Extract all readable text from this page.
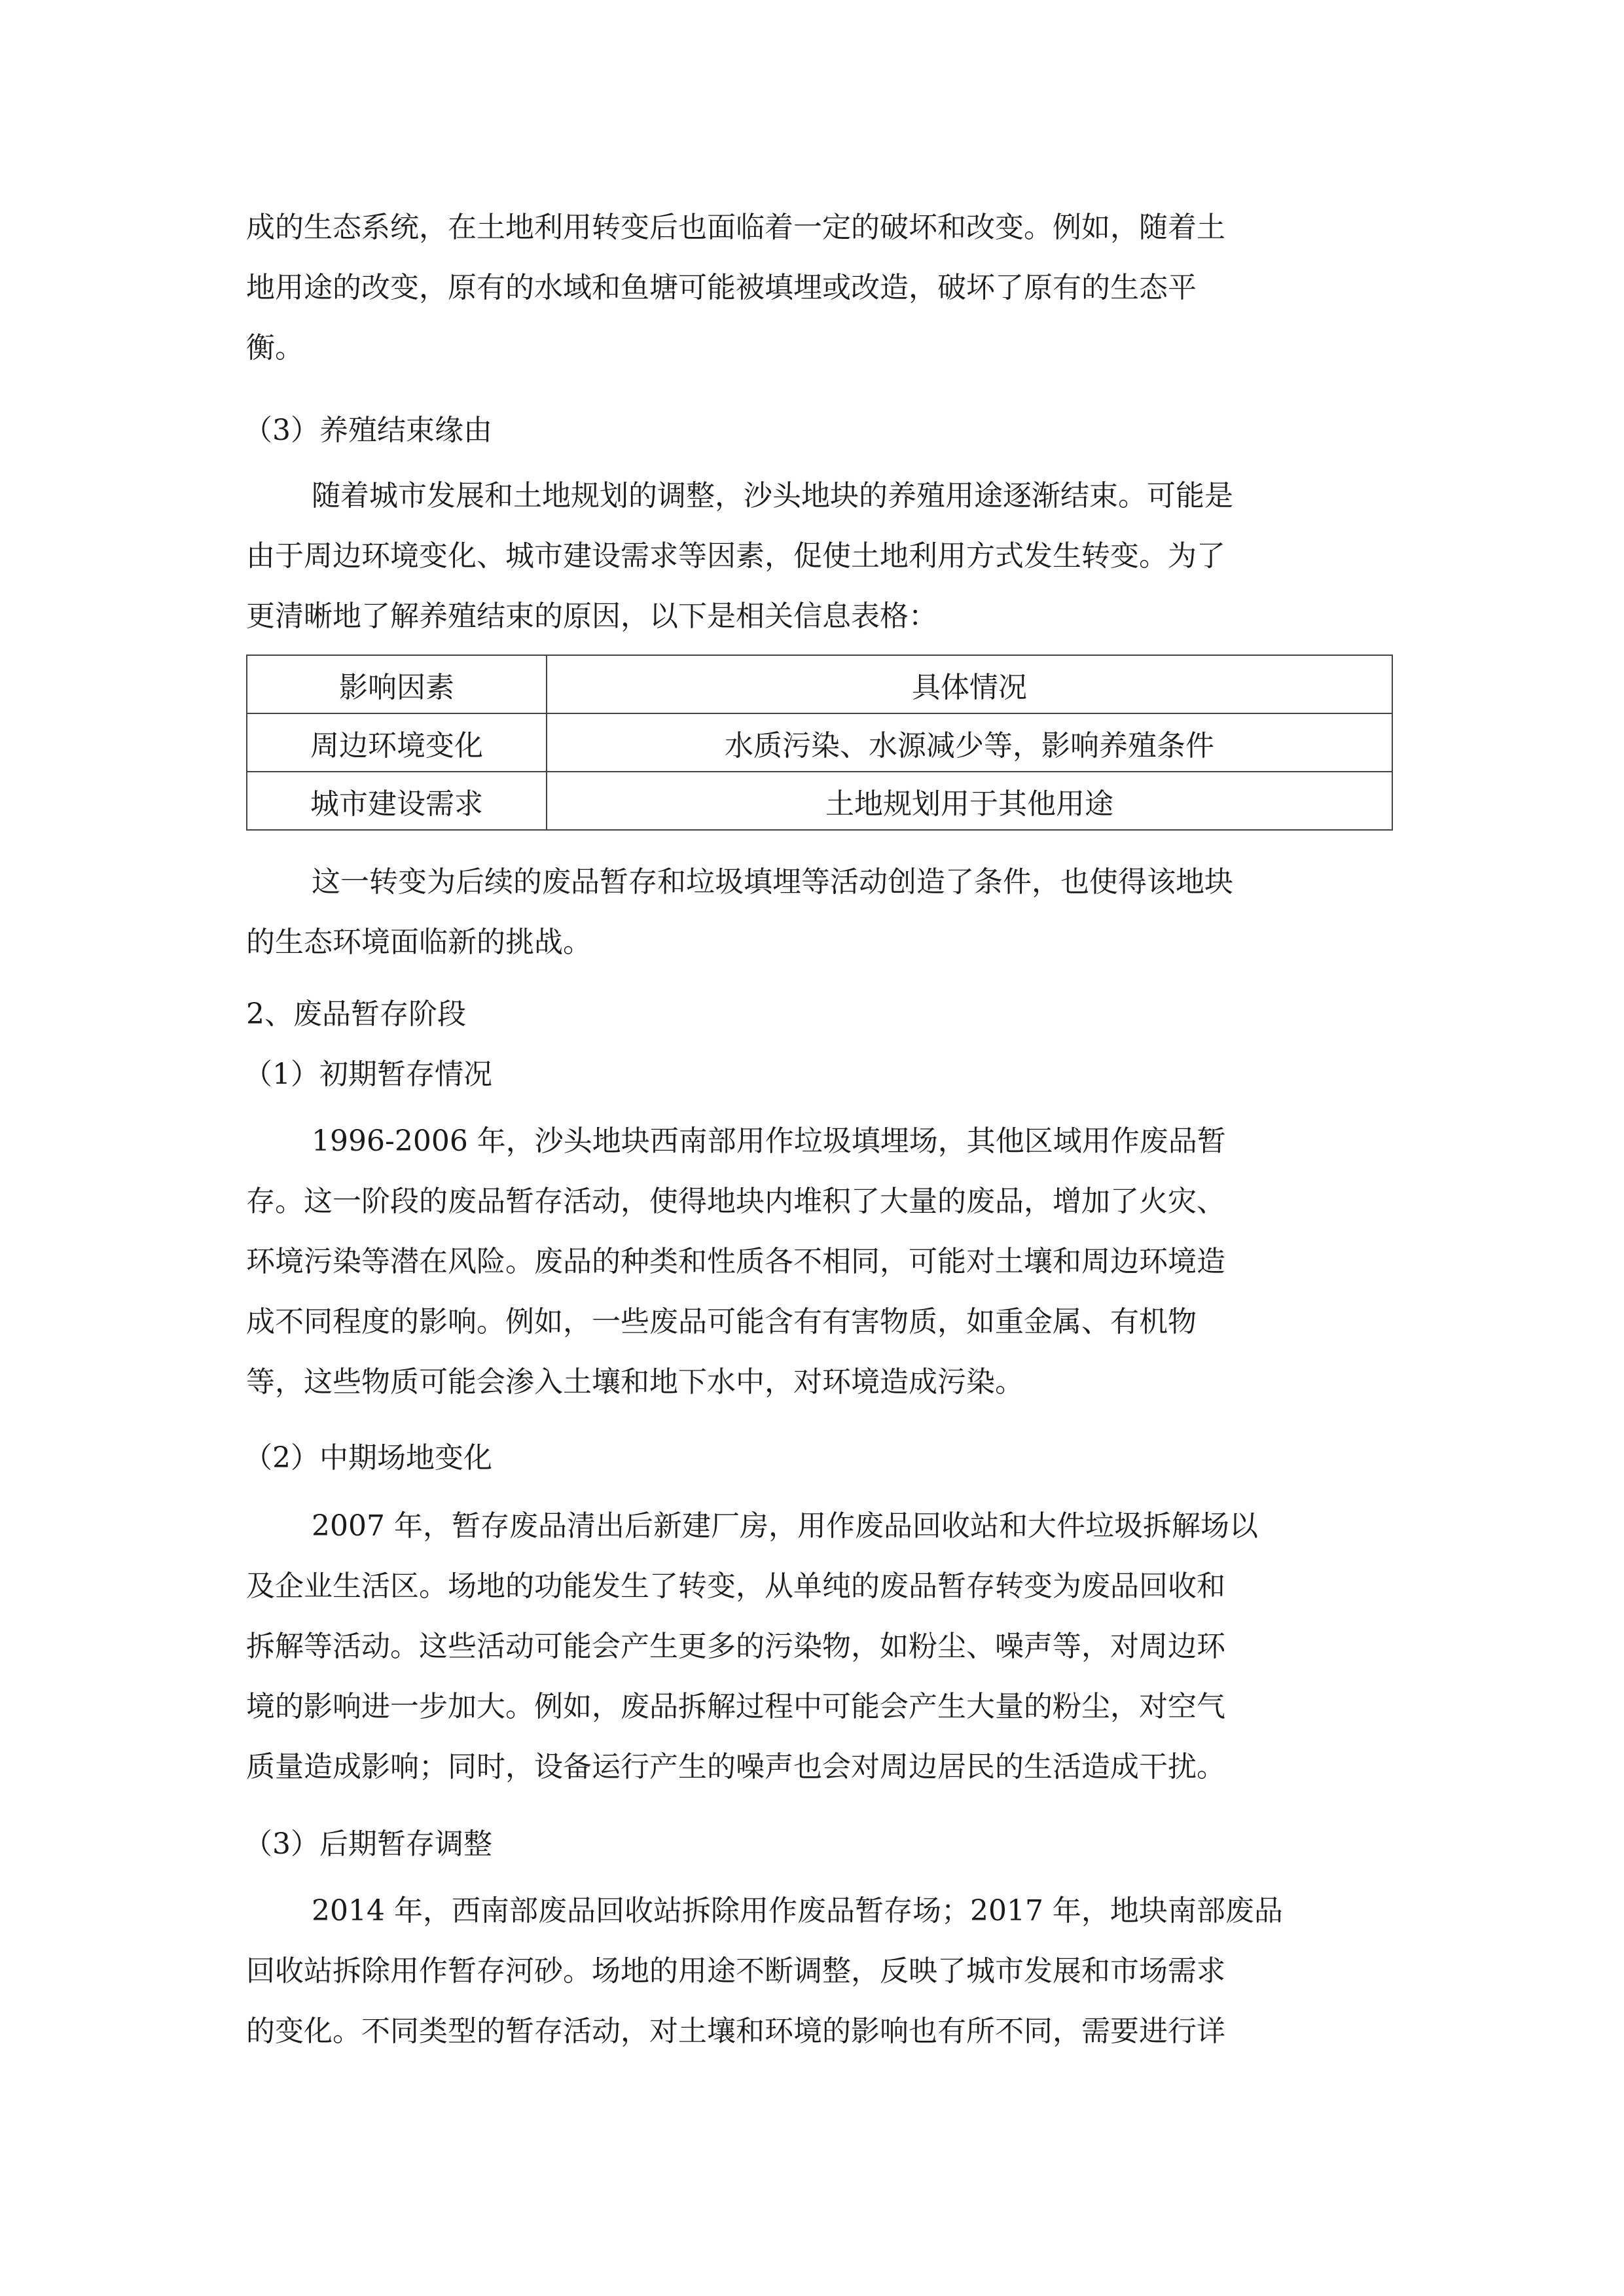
成的生态系统，在土地利用转变后也面临着一定的破坏和改变。例如，随着土
地用途的改变，原有的水域和鱼塘可能被填埋或改造，破坏了原有的生态平
衡。
（3）养殖结束缘由
随着城市发展和土地规划的调整，沙头地块的养殖用途逐渐结束。可能是
由于周边环境变化、城市建设需求等因素，促使土地利用方式发生转变。为了
更清晰地了解养殖结束的原因，以下是相关信息表格：
影响因素	具体情况
周边环境变化	水质污染、水源减少等，影响养殖条件
城市建设需求	土地规划用于其他用途
这一转变为后续的废品暂存和垃圾填埋等活动创造了条件，也使得该地块
的生态环境面临新的挑战。
2、废品暂存阶段
（1）初期暂存情况
1996-2006 年，沙头地块西南部用作垃圾填埋场，其他区域用作废品暂
存。这一阶段的废品暂存活动，使得地块内堆积了大量的废品，增加了火灾、
环境污染等潜在风险。废品的种类和性质各不相同，可能对土壤和周边环境造
成不同程度的影响。例如，一些废品可能含有有害物质，如重金属、有机物
等，这些物质可能会渗入土壤和地下水中，对环境造成污染。
（2）中期场地变化
2007 年，暂存废品清出后新建厂房，用作废品回收站和大件垃圾拆解场以
及企业生活区。场地的功能发生了转变，从单纯的废品暂存转变为废品回收和
拆解等活动。这些活动可能会产生更多的污染物，如粉尘、噪声等，对周边环
境的影响进一步加大。例如，废品拆解过程中可能会产生大量的粉尘，对空气
质量造成影响；同时，设备运行产生的噪声也会对周边居民的生活造成干扰。
（3）后期暂存调整
2014 年，西南部废品回收站拆除用作废品暂存场；2017 年，地块南部废品
回收站拆除用作暂存河砂。场地的用途不断调整，反映了城市发展和市场需求
的变化。不同类型的暂存活动，对土壤和环境的影响也有所不同，需要进行详
